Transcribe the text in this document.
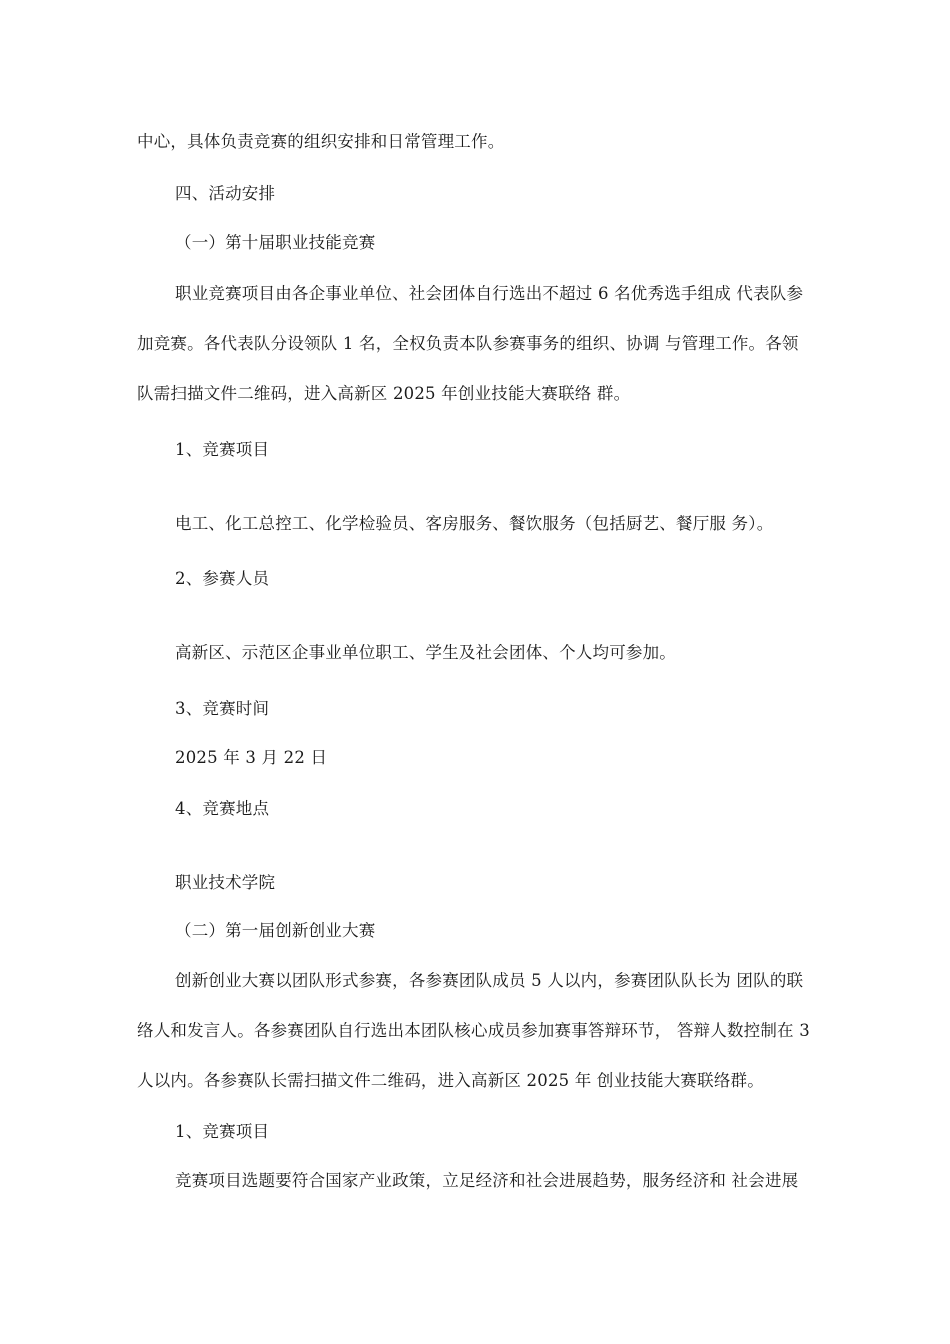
中心，具体负责竞赛的组织安排和日常管理工作。
四、活动安排
（一）第十届职业技能竞赛
职业竞赛项目由各企事业单位、社会团体自行选出不超过 6 名优秀选手组成 代表队参
加竞赛。各代表队分设领队 1 名，全权负责本队参赛事务的组织、协调 与管理工作。各领
队需扫描文件二维码，进入高新区 2025 年创业技能大赛联络 群。
1、竞赛项目
电工、化工总控工、化学检验员、客房服务、餐饮服务（包括厨艺、餐厅服 务）。
2、参赛人员
高新区、示范区企事业单位职工、学生及社会团体、个人均可参加。
3、竞赛时间
2025 年 3 月 22 日
4、竞赛地点
职业技术学院
（二）第一届创新创业大赛
创新创业大赛以团队形式参赛，各参赛团队成员 5 人以内，参赛团队队长为 团队的联
络人和发言人。各参赛团队自行选出本团队核心成员参加赛事答辩环节， 答辩人数控制在 3
人以内。各参赛队长需扫描文件二维码，进入高新区 2025 年 创业技能大赛联络群。
1、竞赛项目
竞赛项目选题要符合国家产业政策，立足经济和社会进展趋势，服务经济和 社会进展
